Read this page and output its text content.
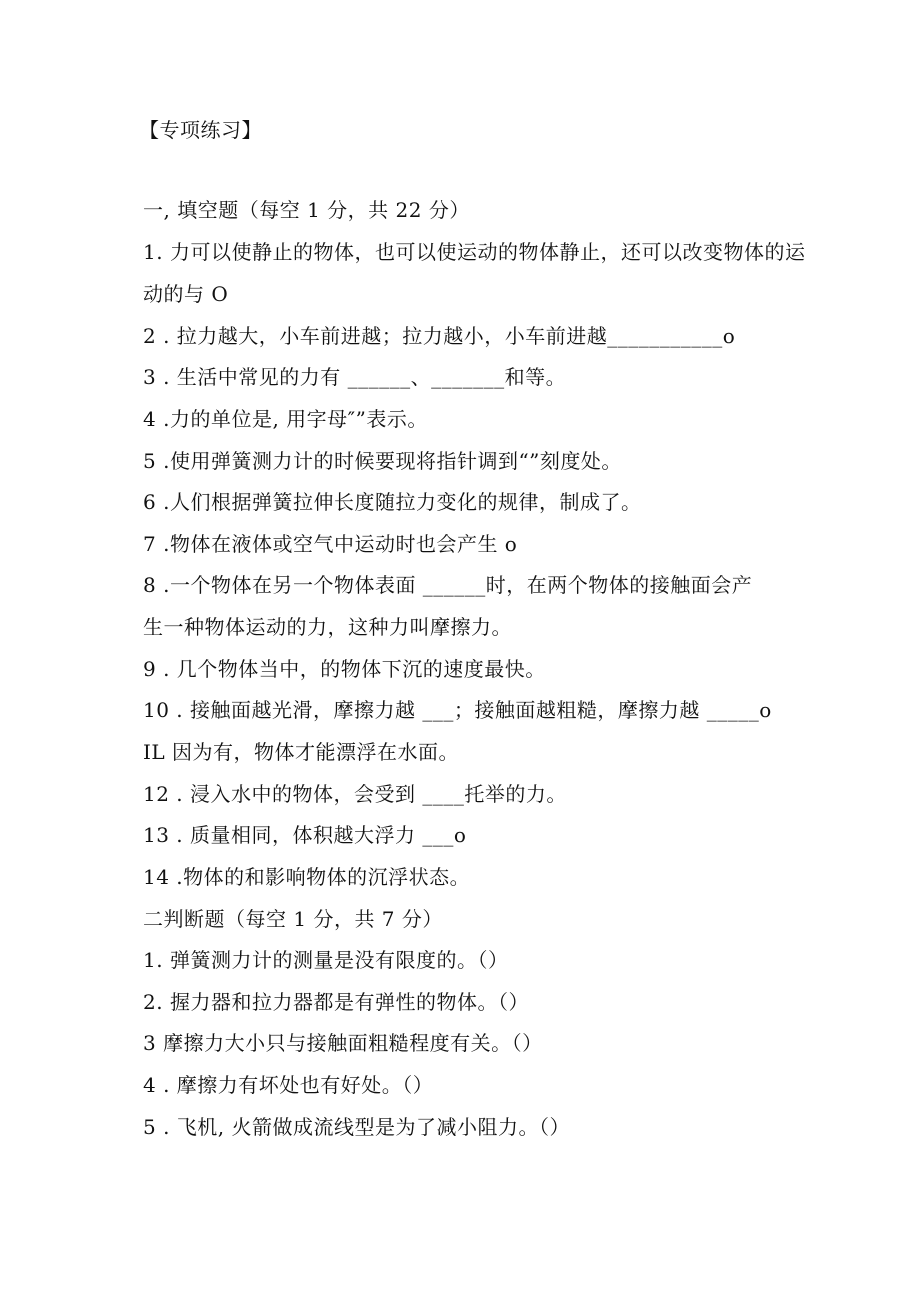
【专项练习】
一, 填空题（每空 1 分，共 22 分）
1. 力可以使静止的物体，也可以使运动的物体静止，还可以改变物体的运
动的与 O
2 . 拉力越大，小车前进越；拉力越小，小车前进越___________o
3 . 生活中常见的力有 ______、_______和等。
4 .力的单位是, 用字母″”表示。
5 .使用弹簧测力计的时候要现将指针调到“”刻度处。
6 .人们根据弹簧拉伸长度随拉力变化的规律，制成了。
7 .物体在液体或空气中运动时也会产生 o
8 .一个物体在另一个物体表面 ______时，在两个物体的接触面会产
生一种物体运动的力，这种力叫摩擦力。
9 . 几个物体当中，的物体下沉的速度最快。
10 . 接触面越光滑，摩擦力越 ___；接触面越粗糙，摩擦力越 _____o
IL 因为有，物体才能漂浮在水面。
12 . 浸入水中的物体，会受到 ____托举的力。
13 . 质量相同，体积越大浮力 ___o
14 .物体的和影响物体的沉浮状态。
二判断题（每空 1 分，共 7 分）
1. 弹簧测力计的测量是没有限度的。（）
2. 握力器和拉力器都是有弹性的物体。（）
3 摩擦力大小只与接触面粗糙程度有关。（）
4 . 摩擦力有坏处也有好处。（）
5 . 飞机, 火箭做成流线型是为了减小阻力。（）
